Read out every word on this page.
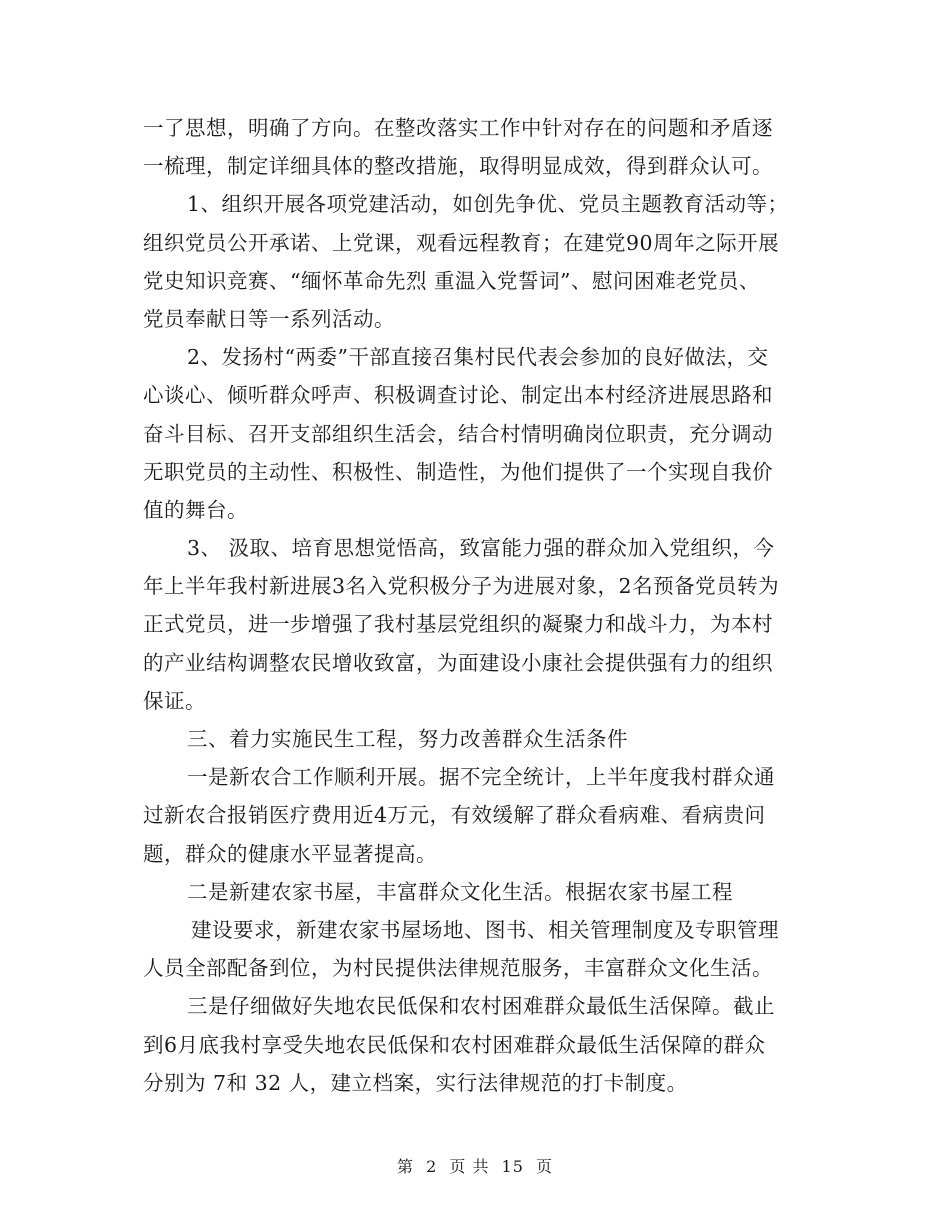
一了思想，明确了方向。在整改落实工作中针对存在的问题和矛盾逐
一梳理，制定详细具体的整改措施，取得明显成效，得到群众认可。
1、组织开展各项党建活动，如创先争优、党员主题教育活动等；
组织党员公开承诺、上党课，观看远程教育；在建党90周年之际开展
党史知识竞赛、“缅怀革命先烈 重温入党誓词”、慰问困难老党员、
党员奉献日等一系列活动。
2、发扬村“两委”干部直接召集村民代表会参加的良好做法，交
心谈心、倾听群众呼声、积极调查讨论、制定出本村经济进展思路和
奋斗目标、召开支部组织生活会，结合村情明确岗位职责，充分调动
无职党员的主动性、积极性、制造性，为他们提供了一个实现自我价
值的舞台。
3、 汲取、培育思想觉悟高，致富能力强的群众加入党组织，今
年上半年我村新进展3名入党积极分子为进展对象，2名预备党员转为
正式党员，进一步增强了我村基层党组织的凝聚力和战斗力，为本村
的产业结构调整农民增收致富，为面建设小康社会提供强有力的组织
保证。
三、着力实施民生工程，努力改善群众生活条件
一是新农合工作顺利开展。据不完全统计，上半年度我村群众通
过新农合报销医疗费用近4万元，有效缓解了群众看病难、看病贵问
题，群众的健康水平显著提高。
二是新建农家书屋，丰富群众文化生活。根据农家书屋工程
建设要求，新建农家书屋场地、图书、相关管理制度及专职管理
人员全部配备到位，为村民提供法律规范服务，丰富群众文化生活。
三是仔细做好失地农民低保和农村困难群众最低生活保障。截止
到6月底我村享受失地农民低保和农村困难群众最低生活保障的群众
分别为 7和 32 人，建立档案，实行法律规范的打卡制度。
第 2 页 共 15 页
